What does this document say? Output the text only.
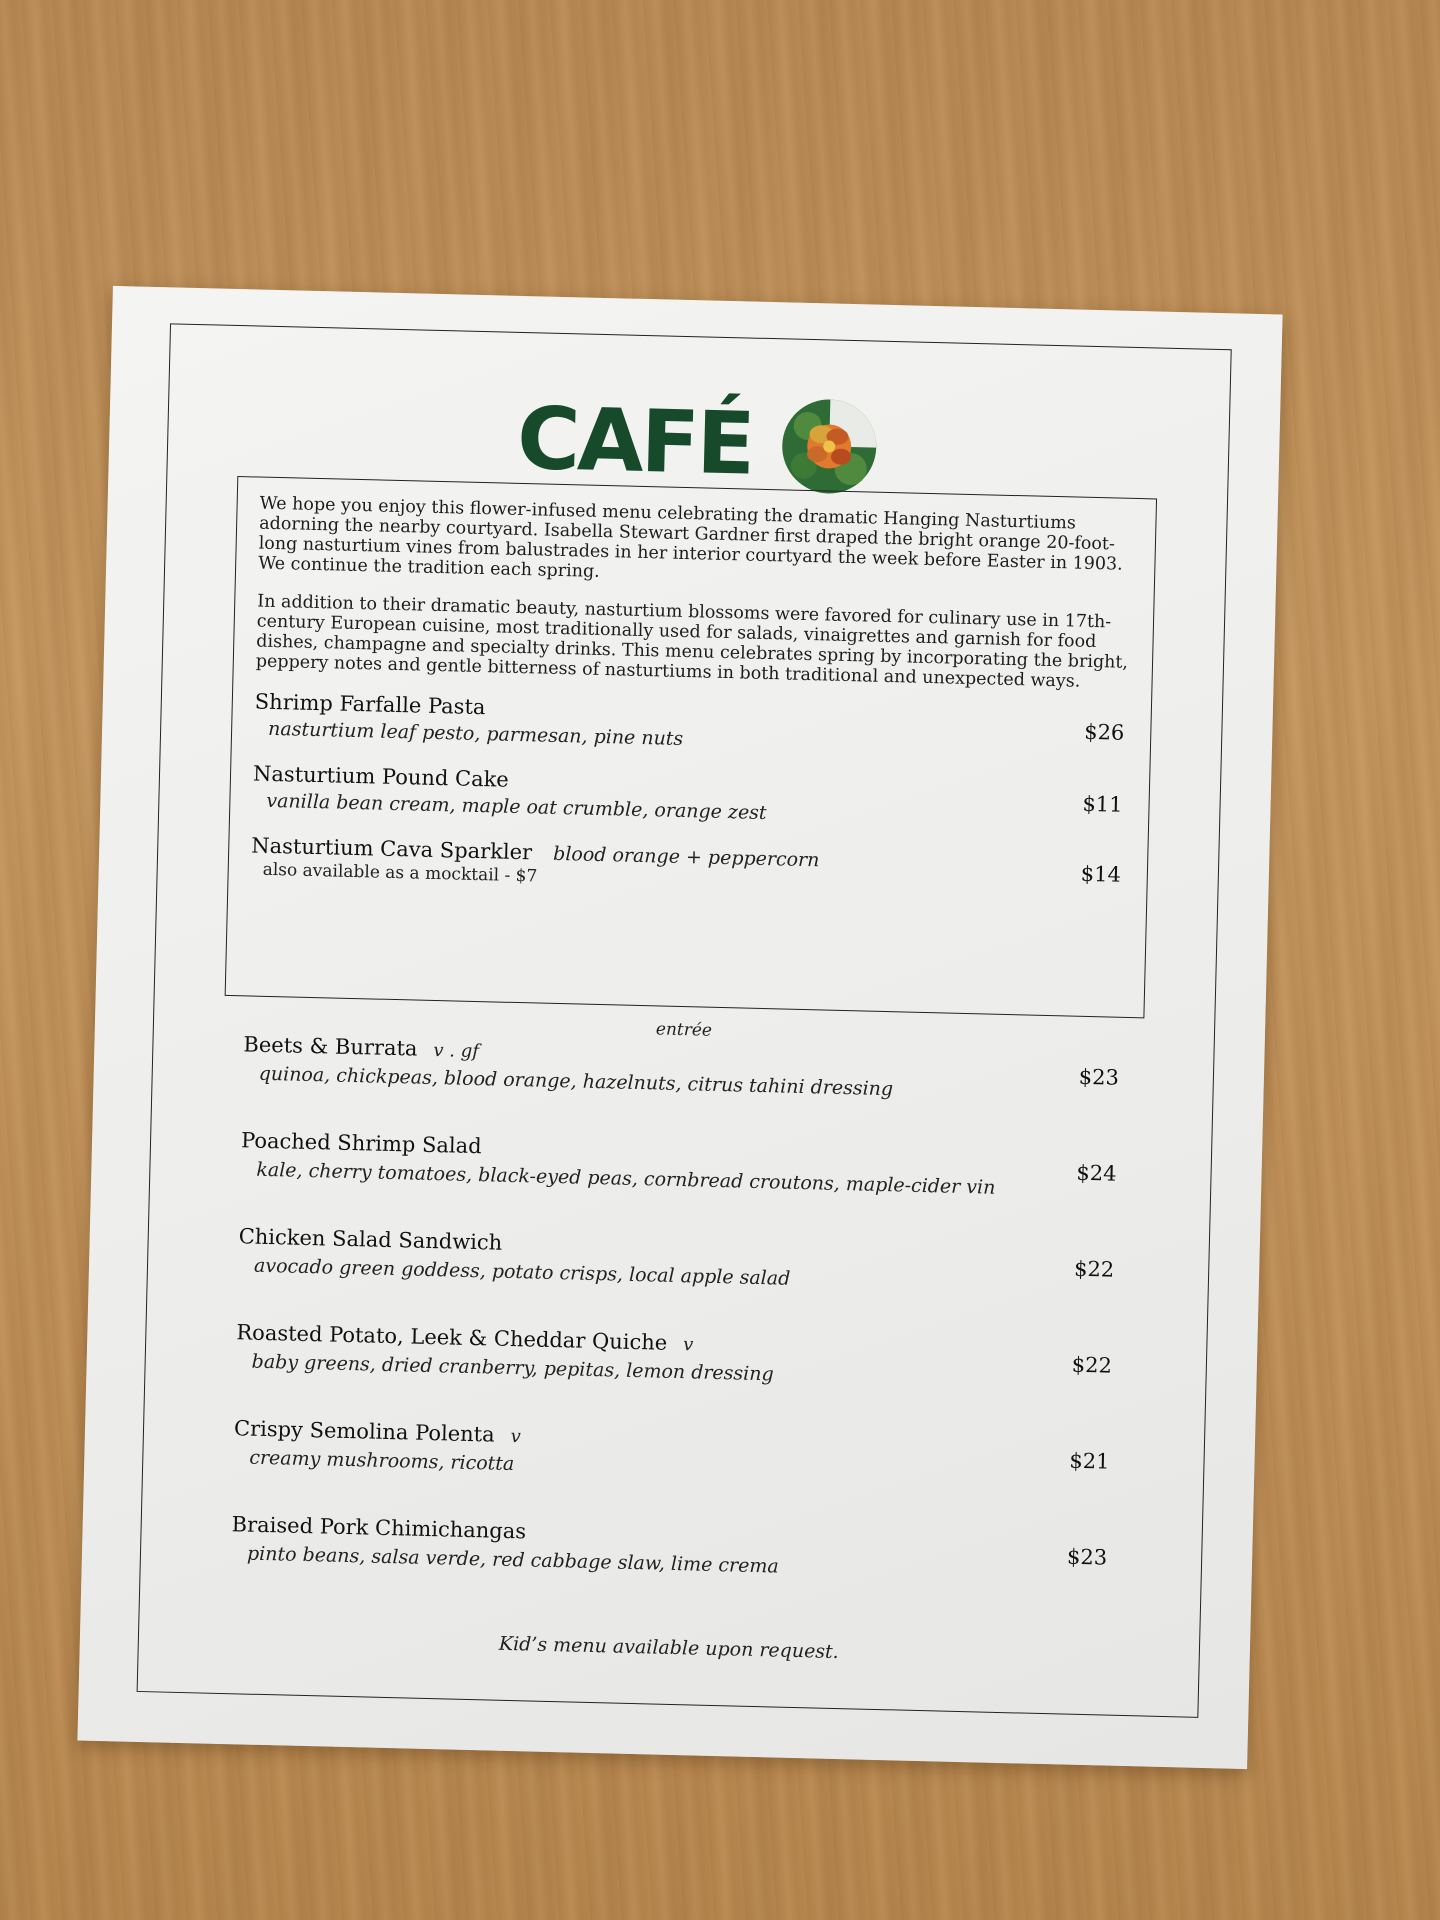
CAFÉ

We hope you enjoy this flower-infused menu celebrating the dramatic Hanging Nasturtiums adorning the nearby courtyard. Isabella Stewart Gardner first draped the bright orange 20-foot-long nasturtium vines from balustrades in her interior courtyard the week before Easter in 1903. We continue the tradition each spring.

In addition to their dramatic beauty, nasturtium blossoms were favored for culinary use in 17th-century European cuisine, most traditionally used for salads, vinaigrettes and garnish for food dishes, champagne and specialty drinks. This menu celebrates spring by incorporating the bright, peppery notes and gentle bitterness of nasturtiums in both traditional and unexpected ways.

$26
Shrimp Farfalle Pasta
nasturtium leaf pesto, parmesan, pine nuts
$11
Nasturtium Pound Cake
vanilla bean cream, maple oat crumble, orange zest
$14
Nasturtium Cava Sparkler blood orange + peppercorn
also available as a mocktail - $7
entrée
$23
Beets & Burrata v . gf
quinoa, chickpeas, blood orange, hazelnuts, citrus tahini dressing
$24
Poached Shrimp Salad
kale, cherry tomatoes, black-eyed peas, cornbread croutons, maple-cider vin
$22
Chicken Salad Sandwich
avocado green goddess, potato crisps, local apple salad
$22
Roasted Potato, Leek & Cheddar Quiche v
baby greens, dried cranberry, pepitas, lemon dressing
$21
Crispy Semolina Polenta v
creamy mushrooms, ricotta
$23
Braised Pork Chimichangas
pinto beans, salsa verde, red cabbage slaw, lime crema
Kid’s menu available upon request.
